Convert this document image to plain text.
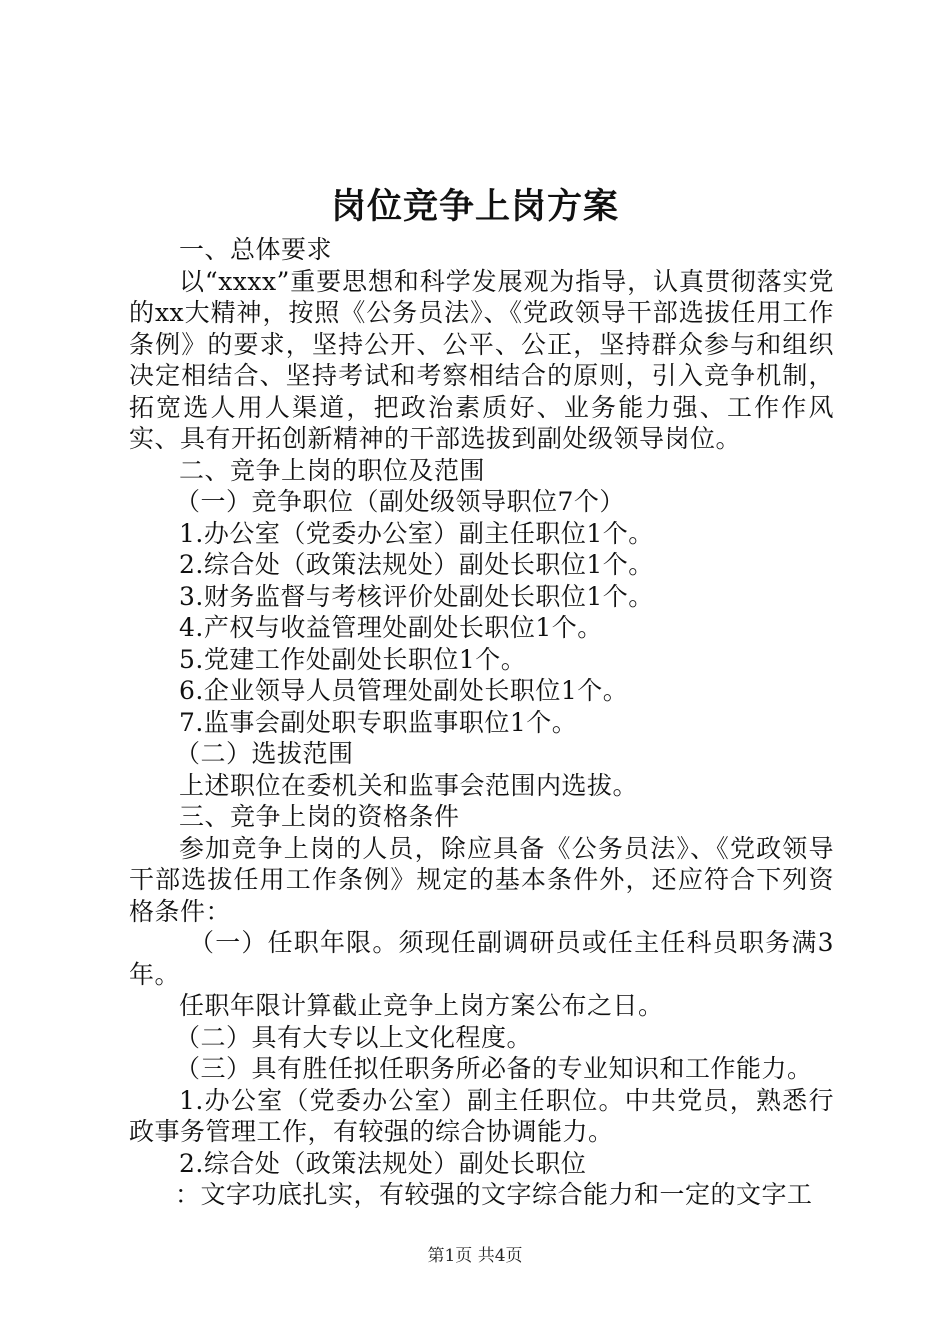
岗位竞争上岗方案

一、总体要求

以“xxxx”重要思想和科学发展观为指导，认真贯彻落实党的xx大精神，按照《公务员法》、《党政领导干部选拔任用工作条例》的要求，坚持公开、公平、公正，坚持群众参与和组织决定相结合、坚持考试和考察相结合的原则，引入竞争机制，拓宽选人用人渠道，把政治素质好、业务能力强、工作作风实、具有开拓创新精神的干部选拔到副处级领导岗位。

二、竞争上岗的职位及范围

（一）竞争职位（副处级领导职位7个）

1.办公室（党委办公室）副主任职位1个。

2.综合处（政策法规处）副处长职位1个。

3.财务监督与考核评价处副处长职位1个。

4.产权与收益管理处副处长职位1个。

5.党建工作处副处长职位1个。

6.企业领导人员管理处副处长职位1个。

7.监事会副处职专职监事职位1个。

（二）选拔范围

上述职位在委机关和监事会范围内选拔。

三、竞争上岗的资格条件

参加竞争上岗的人员，除应具备《公务员法》、《党政领导干部选拔任用工作条例》规定的基本条件外，还应符合下列资格条件：

（一）任职年限。须现任副调研员或任主任科员职务满3年。

任职年限计算截止竞争上岗方案公布之日。

（二）具有大专以上文化程度。

（三）具有胜任拟任职务所必备的专业知识和工作能力。

1.办公室（党委办公室）副主任职位。中共党员，熟悉行政事务管理工作，有较强的综合协调能力。

2.综合处（政策法规处）副处长职位

：文字功底扎实，有较强的文字综合能力和一定的文字工

第1页 共4页
